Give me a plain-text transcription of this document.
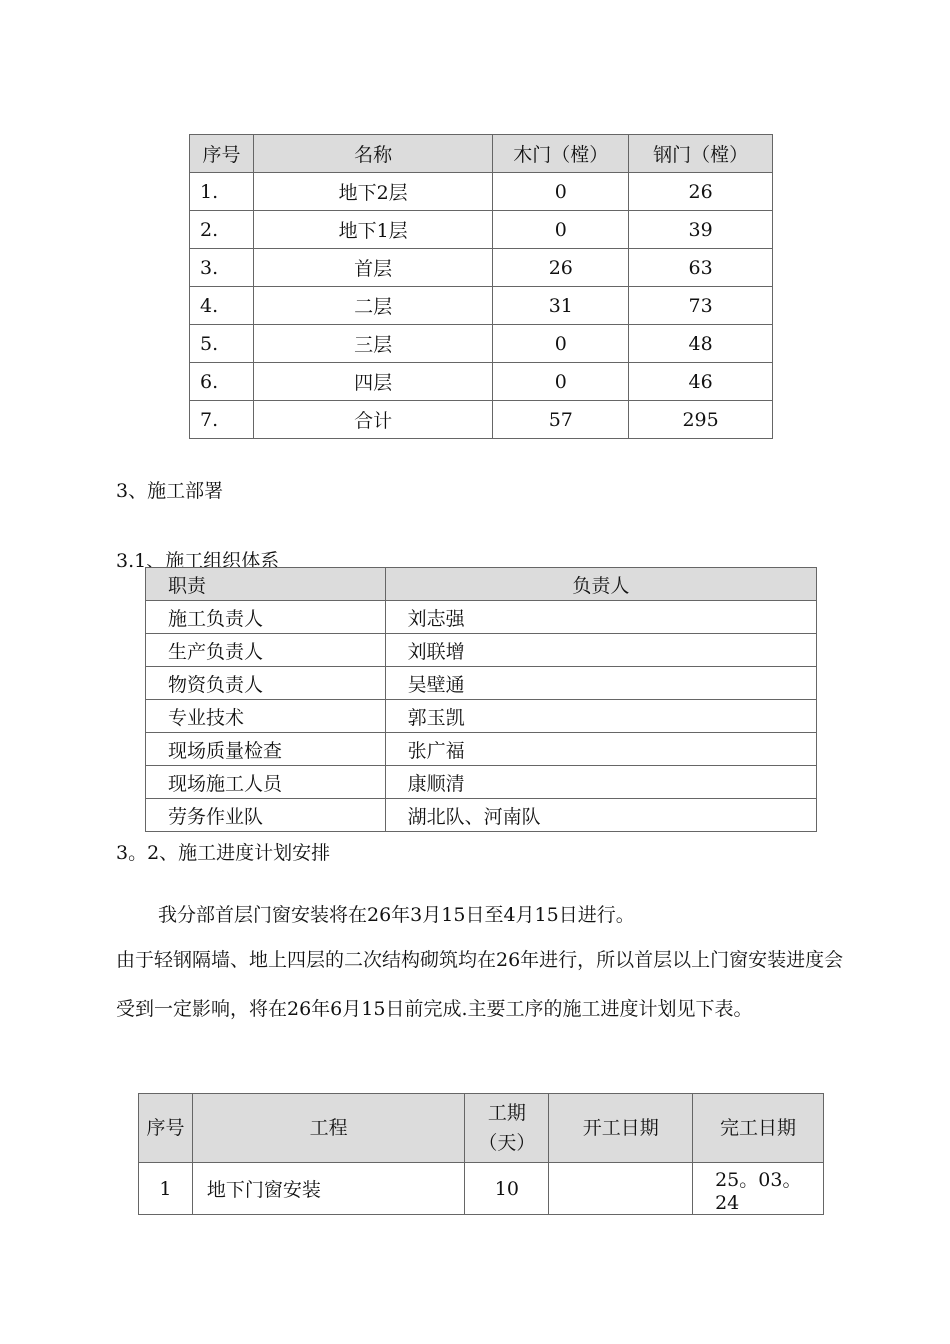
序号	名称	木门（樘）	钢门（樘）
1.	地下2层	0	26
2.	地下1层	0	39
3.	首层	26	63
4.	二层	31	73
5.	三层	0	48
6.	四层	0	46
7.	合计	57	295
3、施工部署
3.1、施工组织体系
职责	负责人
施工负责人	刘志强
生产负责人	刘联增
物资负责人	吴壁通
专业技术	郭玉凯
现场质量检查	张广福
现场施工人员	康顺清
劳务作业队	湖北队、河南队
3。2、施工进度计划安排
我分部首层门窗安装将在26年3月15日至4月15日进行。
由于轻钢隔墙、地上四层的二次结构砌筑均在26年进行，所以首层以上门窗安装进度会受到一定影响，将在26年6月15日前完成.主要工序的施工进度计划见下表。
序号	工程	工期（天）	开工日期	完工日期
1	地下门窗安装	10		25。03。24
